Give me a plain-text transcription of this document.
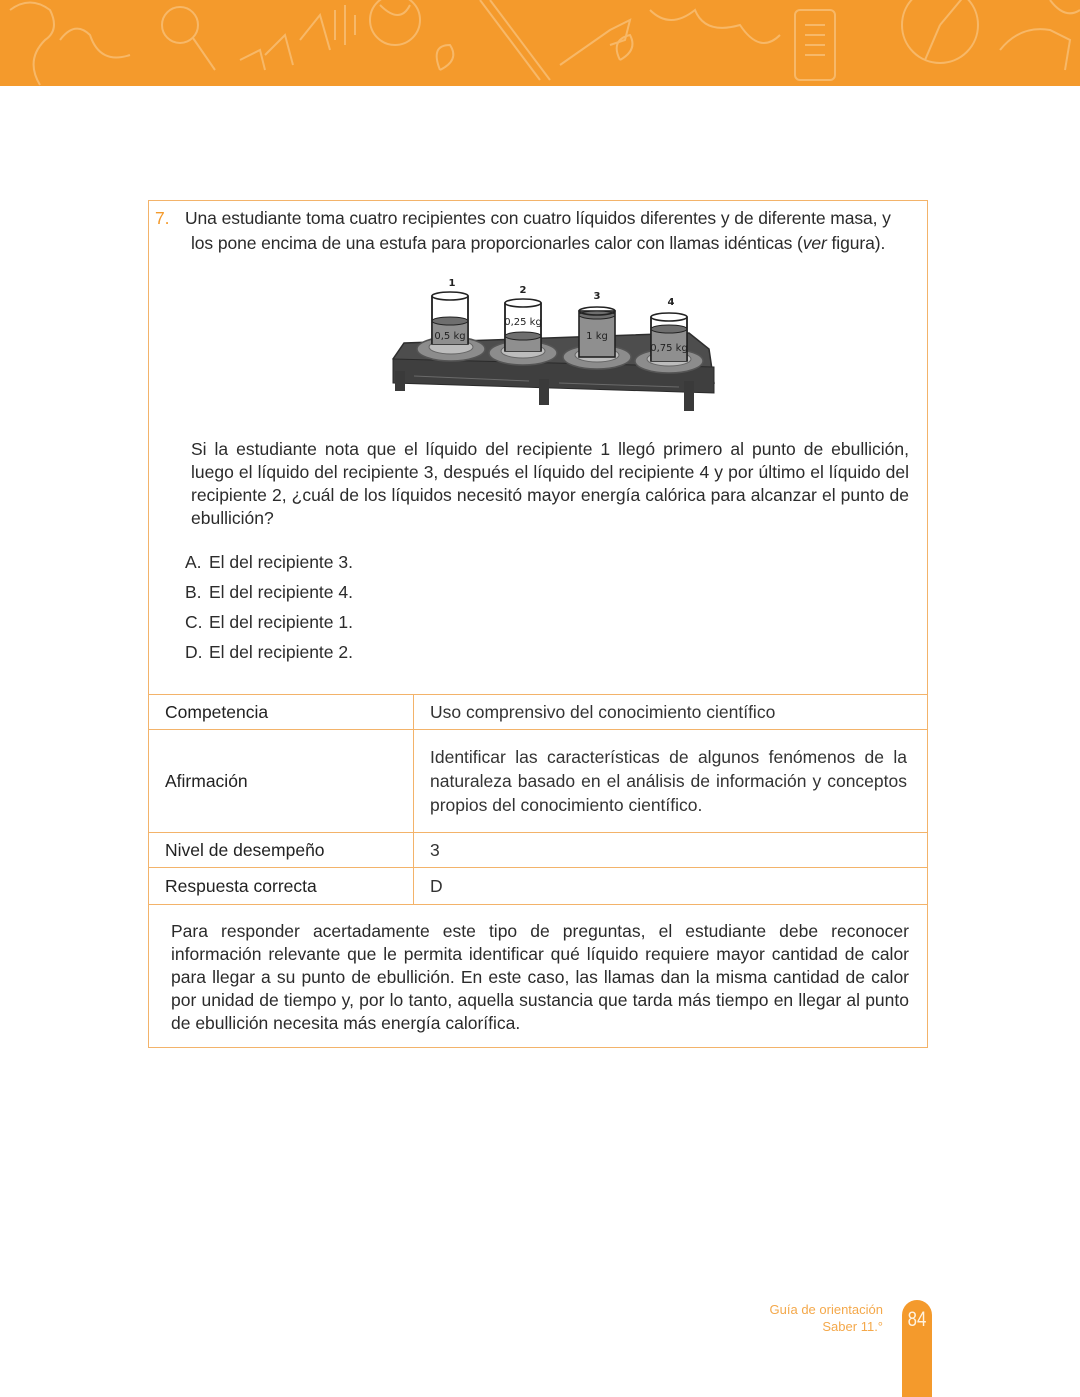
7. Una estudiante toma cuatro recipientes con cuatro líquidos diferentes y de diferente masa, y
los pone encima de una estufa para proporcionarles calor con llamas idénticas (ver figura).
0,5 kg
1
0,25 kg
2
1 kg
3
0,75 kg
4
Si la estudiante nota que el líquido del recipiente 1 llegó primero al punto de ebullición, luego el líquido del recipiente 3, después el líquido del recipiente 4 y por último el líquido del recipiente 2, ¿cuál de los líquidos necesitó mayor energía calórica para alcanzar el punto de ebullición?
A. El del recipiente 3.
B. El del recipiente 4.
C. El del recipiente 1.
D. El del recipiente 2.
Competencia	Uso comprensivo del conocimiento científico
Afirmación	Identificar las características de algunos fenómenos de la naturaleza basado en el análisis de información y conceptos propios del conocimiento científico.
Nivel de desempeño	3
Respuesta correcta	D
Para responder acertadamente este tipo de preguntas, el estudiante debe reconocer información relevante que le permita identificar qué líquido requiere mayor cantidad de calor para llegar a su punto de ebullición. En este caso, las llamas dan la misma cantidad de calor por unidad de tiempo y, por lo tanto, aquella sustancia que tarda más tiempo en llegar al punto de ebullición necesita más energía calorífica.
Guía de orientación
Saber 11.° 84
